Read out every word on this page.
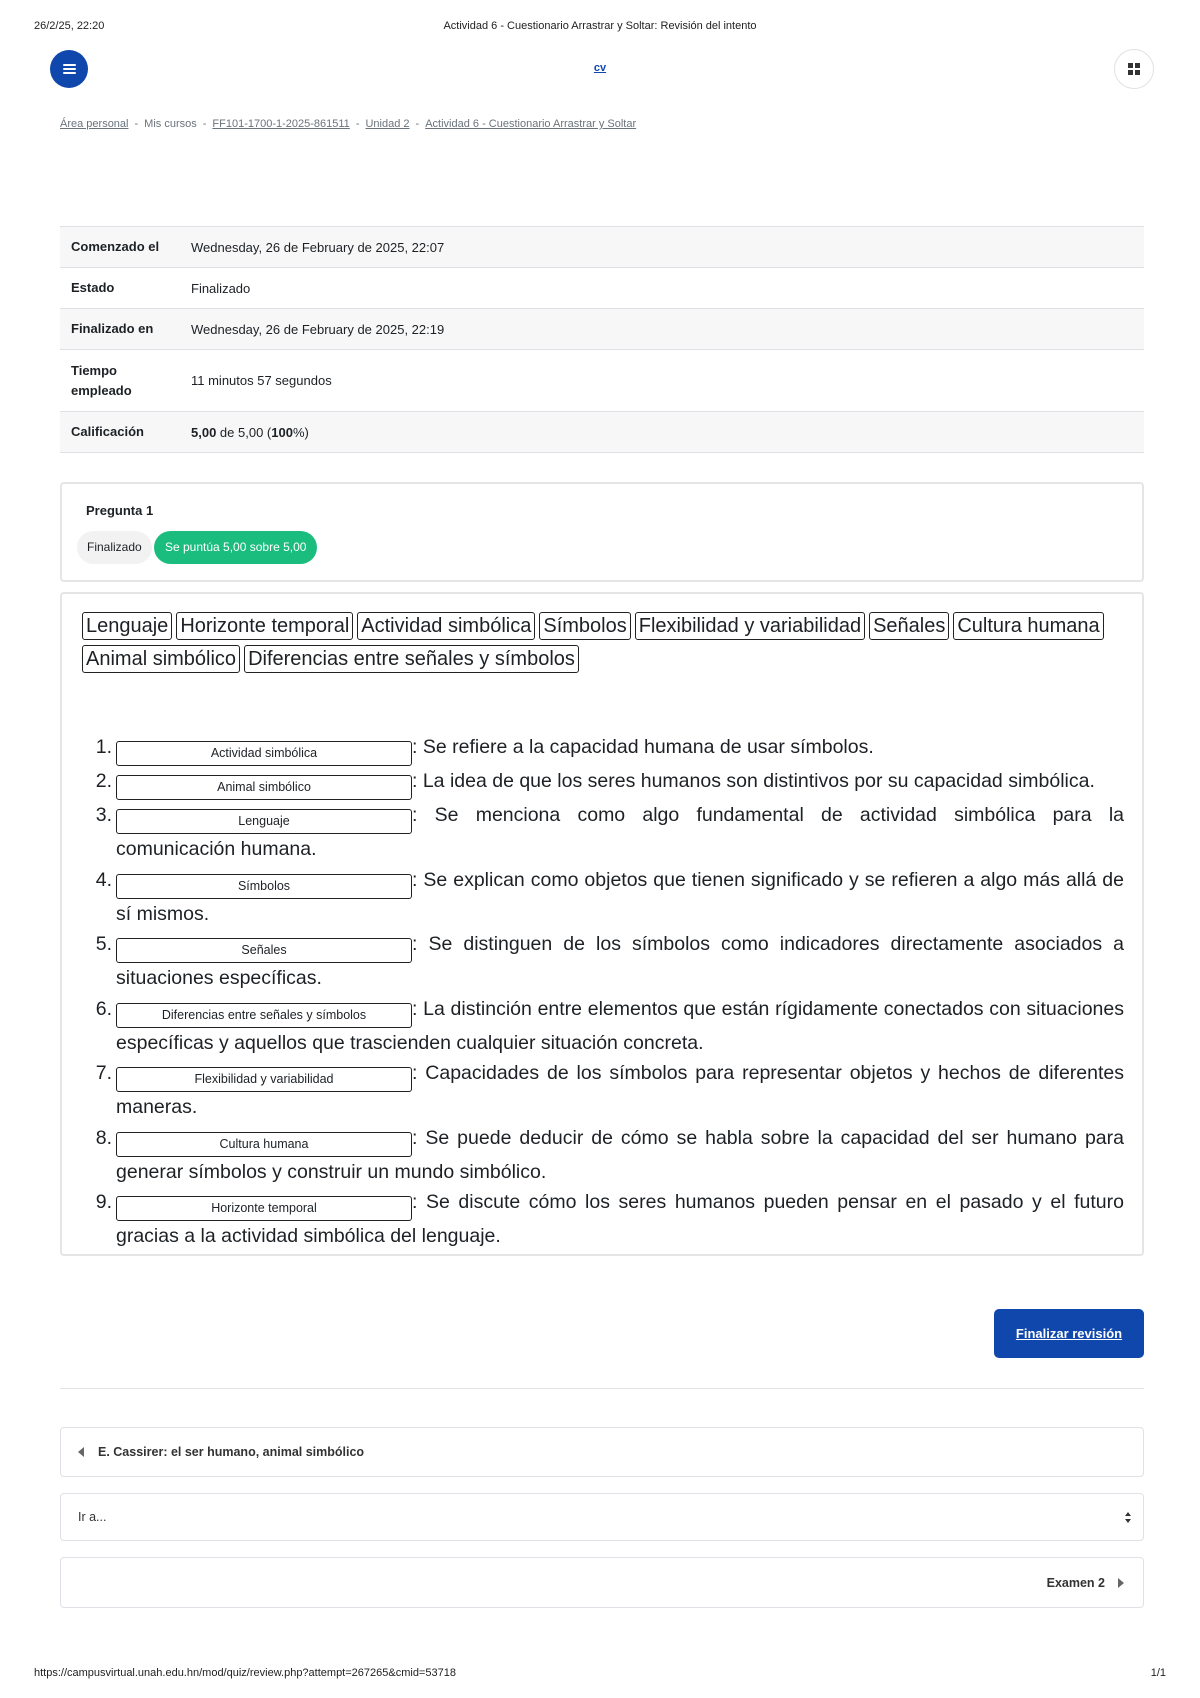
26/2/25, 22:20	Actividad 6 - Cuestionario Arrastrar y Soltar: Revisión del intento
cv
Área personal - Mis cursos - FF101-1700-1-2025-861511 - Unidad 2 - Actividad 6 - Cuestionario Arrastrar y Soltar
Comenzado el	Wednesday, 26 de February de 2025, 22:07
Estado	Finalizado
Finalizado en	Wednesday, 26 de February de 2025, 22:19
Tiempo
empleado	11 minutos 57 segundos
Calificación	5,00 de 5,00 (100%)
Pregunta 1
Finalizado	Se puntúa 5,00 sobre 5,00
Lenguaje Horizonte temporal Actividad simbólica Símbolos Flexibilidad y variabilidad Señales Cultura humana
Animal simbólico Diferencias entre señales y símbolos
1.	Actividad simbólica	: Se refiere a la capacidad humana de usar símbolos.
2.	Animal simbólico	: La idea de que los seres humanos son distintivos por su capacidad simbólica.
3.	Lenguaje	: Se menciona como algo fundamental de actividad simbólica para la comunicación humana.
4.	Símbolos	: Se explican como objetos que tienen significado y se refieren a algo más allá de sí mismos.
5.	Señales	: Se distinguen de los símbolos como indicadores directamente asociados a situaciones específicas.
6.	Diferencias entre señales y símbolos : La distinción entre elementos que están rígidamente conectados con situaciones específicas y aquellos que trascienden cualquier situación concreta.
7.	Flexibilidad y variabilidad	: Capacidades de los símbolos para representar objetos y hechos de diferentes maneras.
8.	Cultura humana	: Se puede deducir de cómo se habla sobre la capacidad del ser humano para generar símbolos y construir un mundo simbólico.
9.	Horizonte temporal	: Se discute cómo los seres humanos pueden pensar en el pasado y el futuro gracias a la actividad simbólica del lenguaje.
Finalizar revisión
E. Cassirer: el ser humano, animal simbólico
Ir a...
Examen 2
https://campusvirtual.unah.edu.hn/mod/quiz/review.php?attempt=267265&cmid=53718	1/1
